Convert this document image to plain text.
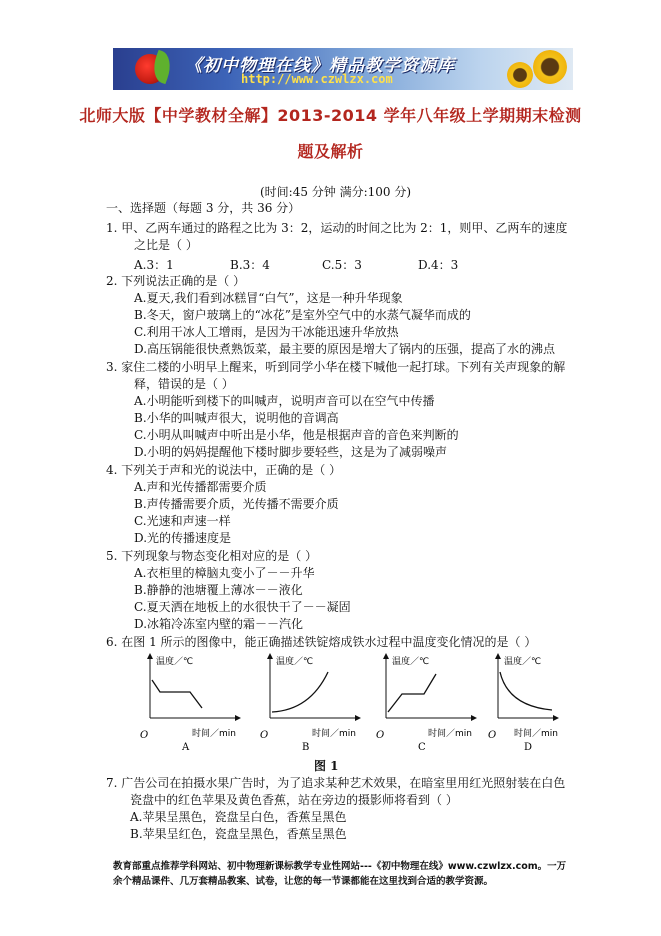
《初中物理在线》精品教学资源库
http://www.czwlzx.com
北师大版【中学教材全解】2013-2014 学年八年级上学期期末检测
题及解析
(时间:45 分钟 满分:100 分)
一、选择题（每题 3 分，共 36 分）
1. 甲、乙两车通过的路程之比为 3：2，运动的时间之比为 2：1，则甲、乙两车的速度
之比是（ ）
A.3：1	B.3：4	C.5：3	D.4：3
2. 下列说法正确的是（ ）
A.夏天,我们看到冰糕冒“白气”，这是一种升华现象
B.冬天，窗户玻璃上的“冰花”是室外空气中的水蒸气凝华而成的
C.利用干冰人工增雨，是因为干冰能迅速升华放热
D.高压锅能很快煮熟饭菜，最主要的原因是增大了锅内的压强，提高了水的沸点
3. 家住二楼的小明早上醒来，听到同学小华在楼下喊他一起打球。下列有关声现象的解
释，错误的是（ ）
A.小明能听到楼下的叫喊声，说明声音可以在空气中传播
B.小华的叫喊声很大，说明他的音调高
C.小明从叫喊声中听出是小华，他是根据声音的音色来判断的
D.小明的妈妈提醒他下楼时脚步要轻些，这是为了减弱噪声
4. 下列关于声和光的说法中，正确的是（ ）
A.声和光传播都需要介质
B.声传播需要介质，光传播不需要介质
C.光速和声速一样
D.光的传播速度是
5. 下列现象与物态变化相对应的是（ ）
A.衣柜里的樟脑丸变小了－－升华
B.静静的池塘覆上薄冰－－液化
C.夏天洒在地板上的水很快干了－－凝固
D.冰箱冷冻室内壁的霜－－汽化
6. 在图 1 所示的图像中，能正确描述铁锭熔成铁水过程中温度变化情况的是（ ）
温度／℃
时间／min
O
A
温度／℃
时间／min
O
B
温度／℃
时间／min
O
C
温度／℃
时间／min
O
D
图 1
7. 广告公司在拍摄水果广告时，为了追求某种艺术效果，在暗室里用红光照射装在白色
瓷盘中的红色苹果及黄色香蕉，站在旁边的摄影师将看到（ ）
A.苹果呈黑色，瓷盘呈白色，香蕉呈黑色
B.苹果呈红色，瓷盘呈黑色，香蕉呈黑色
教育部重点推荐学科网站、初中物理新课标教学专业性网站---《初中物理在线》www.czwlzx.com。一万
余个精品课件、几万套精品教案、试卷，让您的每一节课都能在这里找到合适的教学资源。
